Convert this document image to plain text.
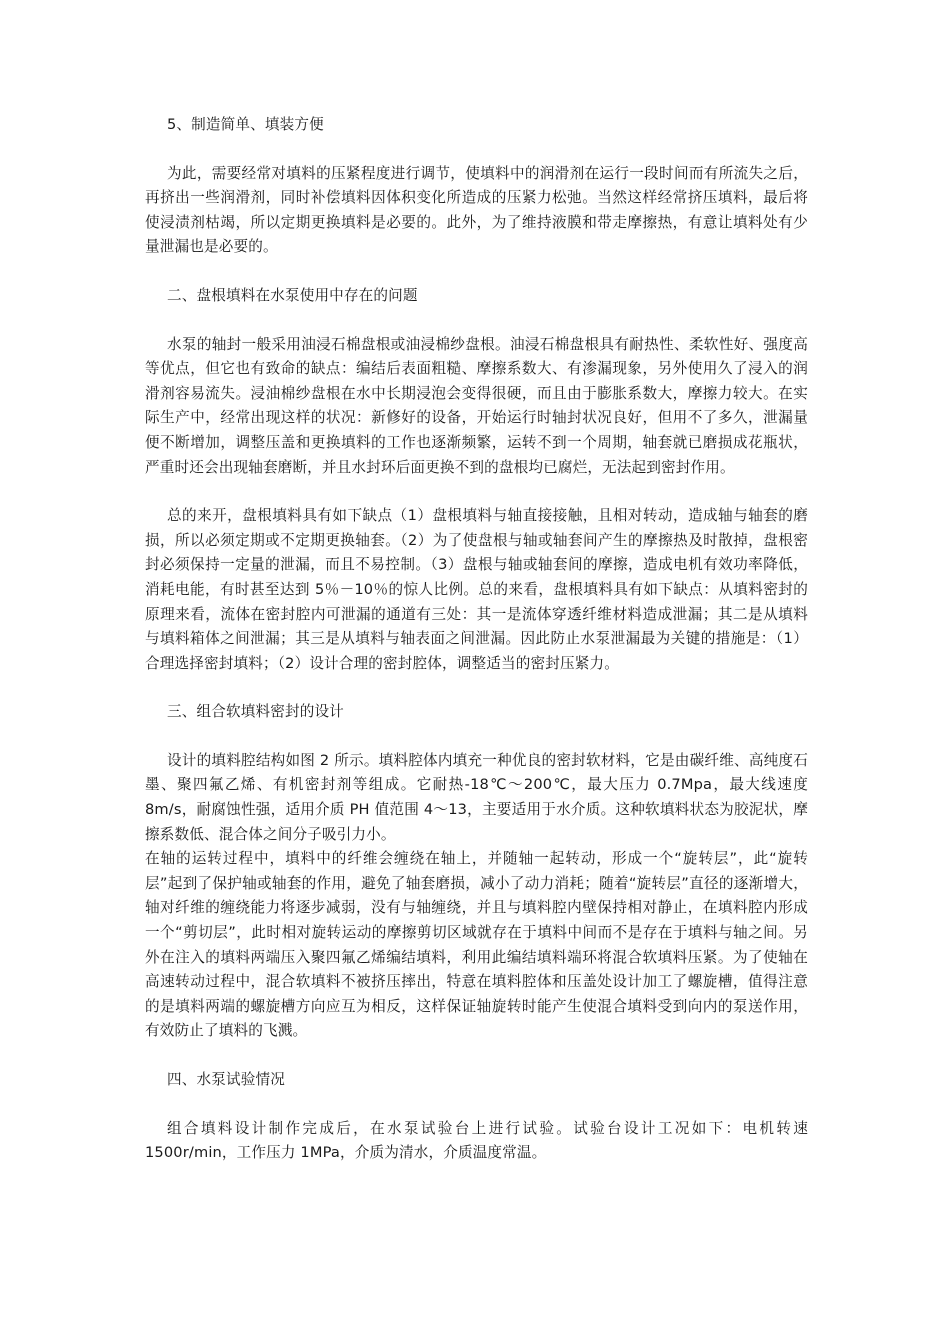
5、制造简单、填装方便

为此，需要经常对填料的压紧程度进行调节，使填料中的润滑剂在运行一段时间而有所流失之后，再挤出一些润滑剂，同时补偿填料因体积变化所造成的压紧力松弛。当然这样经常挤压填料，最后将使浸渍剂枯竭，所以定期更换填料是必要的。此外，为了维持液膜和带走摩擦热，有意让填料处有少量泄漏也是必要的。

二、盘根填料在水泵使用中存在的问题

水泵的轴封一般采用油浸石棉盘根或油浸棉纱盘根。油浸石棉盘根具有耐热性、柔软性好、强度高等优点，但它也有致命的缺点：编结后表面粗糙、摩擦系数大、有渗漏现象，另外使用久了浸入的润滑剂容易流失。浸油棉纱盘根在水中长期浸泡会变得很硬，而且由于膨胀系数大，摩擦力较大。在实际生产中，经常出现这样的状况：新修好的设备，开始运行时轴封状况良好，但用不了多久，泄漏量便不断增加，调整压盖和更换填料的工作也逐渐频繁，运转不到一个周期，轴套就已磨损成花瓶状，严重时还会出现轴套磨断，并且水封环后面更换不到的盘根均已腐烂，无法起到密封作用。

总的来开，盘根填料具有如下缺点（1）盘根填料与轴直接接触，且相对转动，造成轴与轴套的磨损，所以必须定期或不定期更换轴套。（2）为了使盘根与轴或轴套间产生的摩擦热及时散掉，盘根密封必须保持一定量的泄漏，而且不易控制。（3）盘根与轴或轴套间的摩擦，造成电机有效功率降低，消耗电能，有时甚至达到 5％－10％的惊人比例。总的来看，盘根填料具有如下缺点：从填料密封的原理来看，流体在密封腔内可泄漏的通道有三处：其一是流体穿透纤维材料造成泄漏；其二是从填料与填料箱体之间泄漏；其三是从填料与轴表面之间泄漏。因此防止水泵泄漏最为关键的措施是：（1）合理选择密封填料；（2）设计合理的密封腔体，调整适当的密封压紧力。

三、组合软填料密封的设计

设计的填料腔结构如图 2 所示。填料腔体内填充一种优良的密封软材料，它是由碳纤维、高纯度石墨、聚四氟乙烯、有机密封剂等组成。它耐热-18℃～200℃，最大压力 0.7Mpa，最大线速度 8m/s，耐腐蚀性强，适用介质 PH 值范围 4～13，主要适用于水介质。这种软填料状态为胶泥状，摩擦系数低、混合体之间分子吸引力小。

在轴的运转过程中，填料中的纤维会缠绕在轴上，并随轴一起转动，形成一个“旋转层”，此“旋转层”起到了保护轴或轴套的作用，避免了轴套磨损，减小了动力消耗；随着“旋转层”直径的逐渐增大，轴对纤维的缠绕能力将逐步减弱，没有与轴缠绕，并且与填料腔内壁保持相对静止，在填料腔内形成一个“剪切层”，此时相对旋转运动的摩擦剪切区域就存在于填料中间而不是存在于填料与轴之间。另外在注入的填料两端压入聚四氟乙烯编结填料，利用此编结填料端环将混合软填料压紧。为了使轴在高速转动过程中，混合软填料不被挤压摔出，特意在填料腔体和压盖处设计加工了螺旋槽，值得注意的是填料两端的螺旋槽方向应互为相反，这样保证轴旋转时能产生使混合填料受到向内的泵送作用，有效防止了填料的飞溅。

四、水泵试验情况

组合填料设计制作完成后，在水泵试验台上进行试验。试验台设计工况如下：电机转速 1500r/min，工作压力 1MPa，介质为清水，介质温度常温。
